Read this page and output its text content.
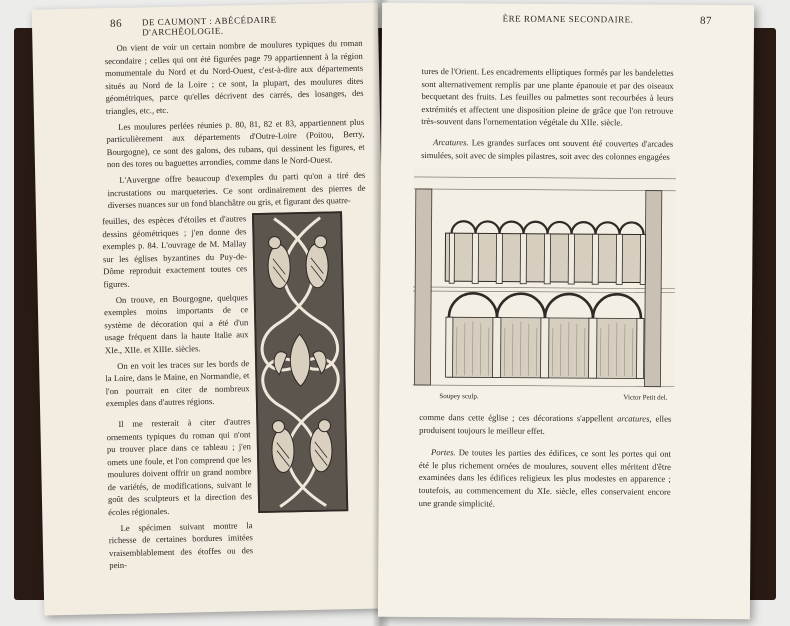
86 DE CAUMONT : ABÉCÉDAIRE D'ARCHÉOLOGIE.

On vient de voir un certain nombre de moulures typiques du roman secondaire ; celles qui ont été figurées page 79 appartiennent à la région monumentale du Nord et du Nord-Ouest, c'est-à-dire aux départements situés au Nord de la Loire ; ce sont, la plupart, des moulures dites géométriques, parce qu'elles décrivent des carrés, des losanges, des triangles, etc., etc.

Les moulures perlées réunies p. 80, 81, 82 et 83, appartiennent plus particulièrement aux départements d'Outre-Loire (Poitou, Berry, Bourgogne), ce sont des galons, des rubans, qui dessinent les figures, et non des tores ou baguettes arrondies, comme dans le Nord-Ouest.

L'Auvergne offre beaucoup d'exemples du parti qu'on a tiré des incrustations ou marqueteries. Ce sont ordinairement des pierres de diverses nuances sur un fond blanchâtre ou gris, et figurant des quatre-

feuilles, des espèces d'étoiles et d'autres dessins géométriques ; j'en donne des exemples p. 84. L'ouvrage de M. Mallay sur les églises byzantines du Puy-de-Dôme reproduit exactement toutes ces figures.

On trouve, en Bourgogne, quelques exemples moins importants de ce système de décoration qui a été d'un usage fréquent dans la haute Italie aux XIe., XIIe. et XIIIe. siècles.

On en voit les traces sur les bords de la Loire, dans le Maine, en Normandie, et l'on pourrait en citer de nombreux exemples dans d'autres régions.

Il me resterait à citer d'autres ornements typiques du roman qui n'ont pu trouver place dans ce tableau ; j'en omets une foule, et l'on comprend que les moulures doivent offrir un grand nombre de variétés, de modifications, suivant le goût des sculpteurs et la direction des écoles régionales.

Le spécimen suivant montre la richesse de certaines bordures imitées vraisemblablement des étoffes ou des pein-

ÈRE ROMANE SECONDAIRE.	87

tures de l'Orient. Les encadrements elliptiques formés par les bandelettes sont alternativement remplis par une plante épanouie et par des oiseaux becquetant des fruits. Les feuilles ou palmettes sont recourbées à leurs extrémités et affectent une disposition pleine de grâce que l'on retrouve très-souvent dans l'ornementation végétale du XIIe. siècle.

Arcatures. Les grandes surfaces ont souvent été couvertes d'arcades simulées, soit avec de simples pilastres, soit avec des colonnes engagées

Soupey sculp.	Victor Petit del.

comme dans cette église ; ces décorations s'appellent arcatures, elles produisent toujours le meilleur effet.

Portes. De toutes les parties des édifices, ce sont les portes qui ont été le plus richement ornées de moulures, souvent elles méritent d'être examinées dans les édifices religieux les plus modestes en apparence ; toutefois, au commencement du XIe. siècle, elles conservaient encore une grande simplicité.
